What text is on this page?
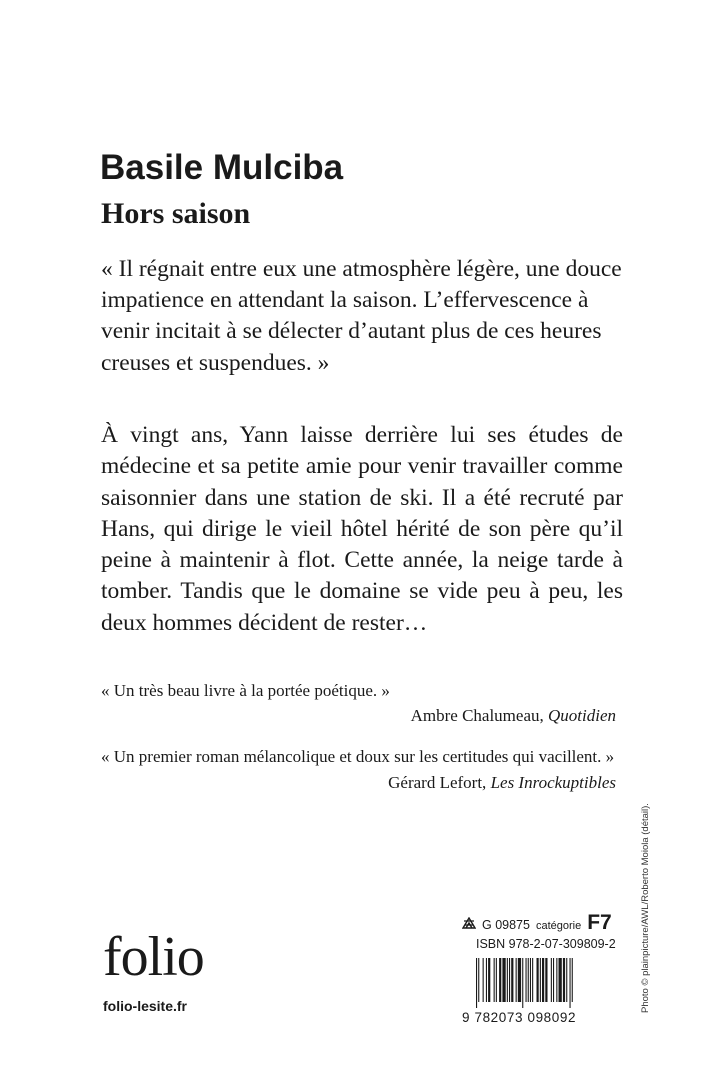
Basile Mulciba
Hors saison

« Il régnait entre eux une atmosphère légère, une douce impatience en attendant la saison. L’effervescence à venir incitait à se délecter d’autant plus de ces heures creuses et suspendues. »

À vingt ans, Yann laisse derrière lui ses études de médecine et sa petite amie pour venir travailler comme saisonnier dans une station de ski. Il a été recruté par Hans, qui dirige le vieil hôtel hérité de son père qu’il peine à maintenir à flot. Cette année, la neige tarde à tomber. Tandis que le domaine se vide peu à peu, les deux hommes décident de rester…

« Un très beau livre à la portée poétique. »

Ambre Chalumeau, Quotidien

« Un premier roman mélancolique et doux sur les certitudes qui vacillent. »

Gérard Lefort, Les Inrockuptibles

Photo © plainpicture/AWL/Roberto Moiola (détail).
folio
folio-lesite.fr
G 09875 catégorie F7
ISBN 978-2-07-309809-2
9 782073 098092
